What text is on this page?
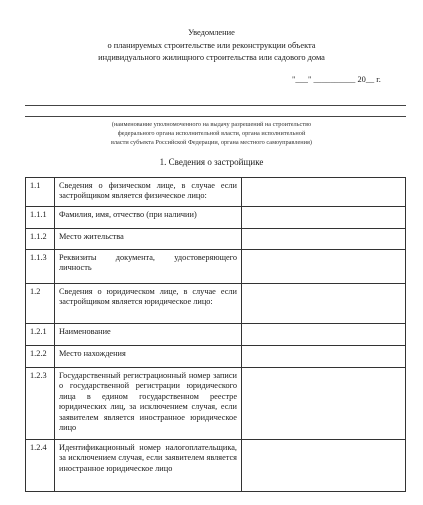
Уведомление
о планируемых строительстве или реконструкции объекта
индивидуального жилищного строительства или садового дома
"___" __________ 20__ г.
(наименование уполномоченного на выдачу разрешений на строительство
федерального органа исполнительной власти, органа исполнительной
власти субъекта Российской Федерации, органа местного самоуправления)
1. Сведения о застройщике
1.1	Сведения о физическом лице, в случае если застройщиком является физическое лицо:	
1.1.1	Фамилия, имя, отчество (при наличии)	
1.1.2	Место жительства	
1.1.3	Реквизиты документа, удостоверяющего личность	
1.2	Сведения о юридическом лице, в случае если застройщиком является юридическое лицо:	
1.2.1	Наименование	
1.2.2	Место нахождения	
1.2.3	Государственный регистрационный номер записи о государственной регистрации юридического лица в едином государственном реестре юридических лиц, за исключением случая, если заявителем является иностранное юридическое лицо	
1.2.4	Идентификационный номер налогоплательщика, за исключением случая, если заявителем является иностранное юридическое лицо	
